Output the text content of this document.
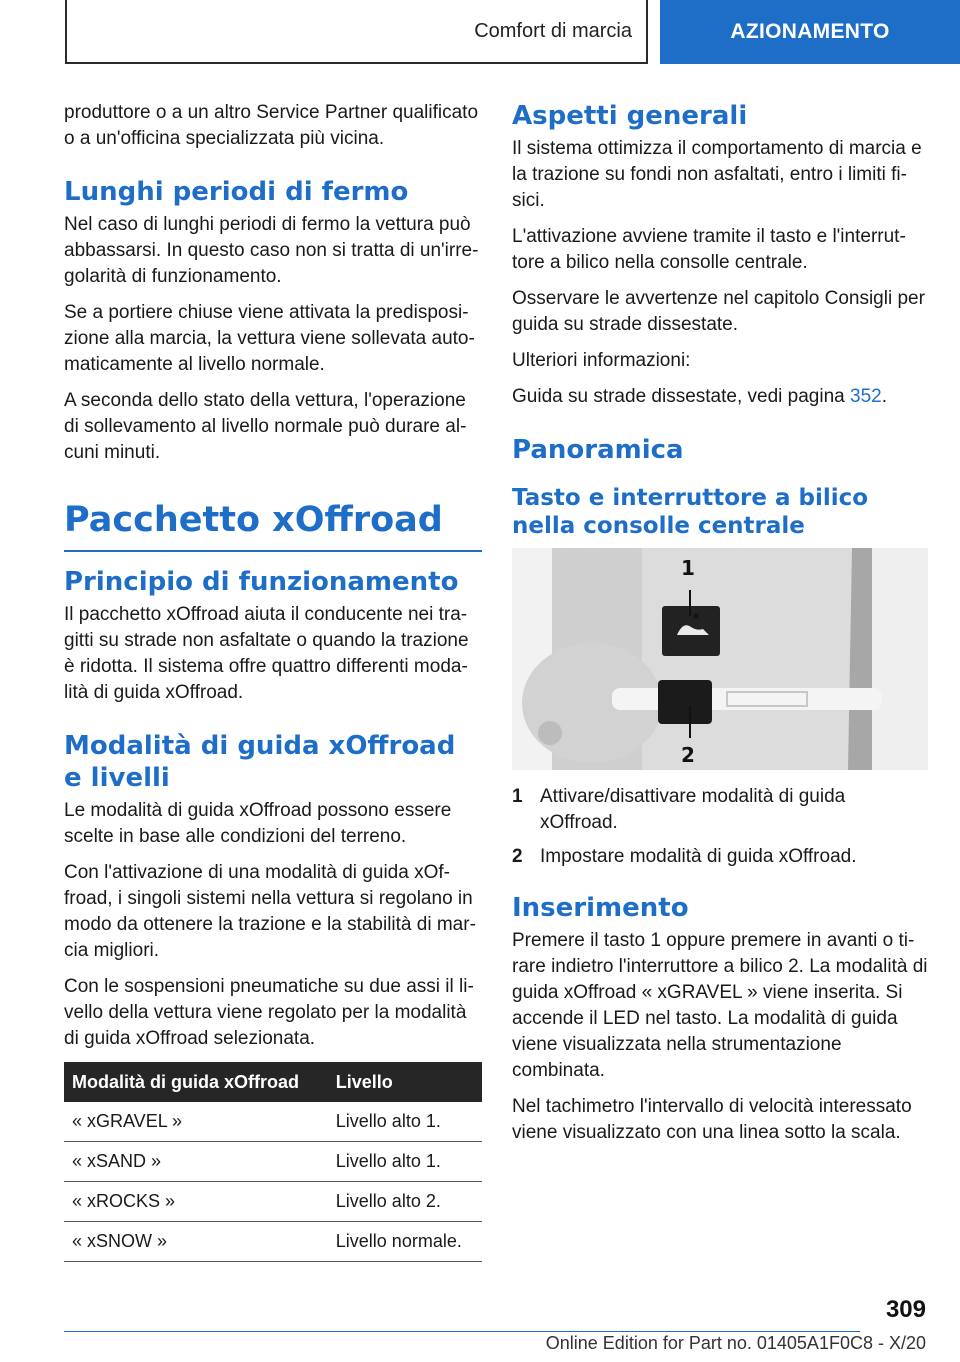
Comfort di marcia	AZIONAMENTO

produttore o a un altro Service Partner qualificato o a un'officina specializzata più vicina.

Lunghi periodi di fermo

Nel caso di lunghi periodi di fermo la vettura può abbassarsi. In questo caso non si tratta di un'irregolarità di funzionamento.

Se a portiere chiuse viene attivata la predisposizione alla marcia, la vettura viene sollevata automaticamente al livello normale.

A seconda dello stato della vettura, l'operazione di sollevamento al livello normale può durare alcuni minuti.

Pacchetto xOffroad
Principio di funzionamento

Il pacchetto xOffroad aiuta il conducente nei tragitti su strade non asfaltate o quando la trazione è ridotta. Il sistema offre quattro differenti modalità di guida xOffroad.

Modalità di guida xOffroad e livelli

Le modalità di guida xOffroad possono essere scelte in base alle condizioni del terreno.

Con l'attivazione di una modalità di guida xOffroad, i singoli sistemi nella vettura si regolano in modo da ottenere la trazione e la stabilità di marcia migliori.

Con le sospensioni pneumatiche su due assi il livello della vettura viene regolato per la modalità di guida xOffroad selezionata.

Modalità di guida xOffroad	Livello
« xGRAVEL »	Livello alto 1.
« xSAND »	Livello alto 1.
« xROCKS »	Livello alto 2.
« xSNOW »	Livello normale.
Aspetti generali

Il sistema ottimizza il comportamento di marcia e la trazione su fondi non asfaltati, entro i limiti fisici.

L'attivazione avviene tramite il tasto e l'interruttore a bilico nella consolle centrale.

Osservare le avvertenze nel capitolo Consigli per guida su strade dissestate.

Ulteriori informazioni:

Guida su strade dissestate, vedi pagina 352.

Panoramica
Tasto e interruttore a bilico nella consolle centrale
1
2
1 Attivare/disattivare modalità di guida xOffroad.
2 Impostare modalità di guida xOffroad.
Inserimento

Premere il tasto 1 oppure premere in avanti o tirare indietro l'interruttore a bilico 2. La modalità di guida xOffroad « xGRAVEL » viene inserita. Si accende il LED nel tasto. La modalità di guida viene visualizzata nella strumentazione combinata.

Nel tachimetro l'intervallo di velocità interessato viene visualizzato con una linea sotto la scala.

309
Online Edition for Part no. 01405A1F0C8 - X/20
